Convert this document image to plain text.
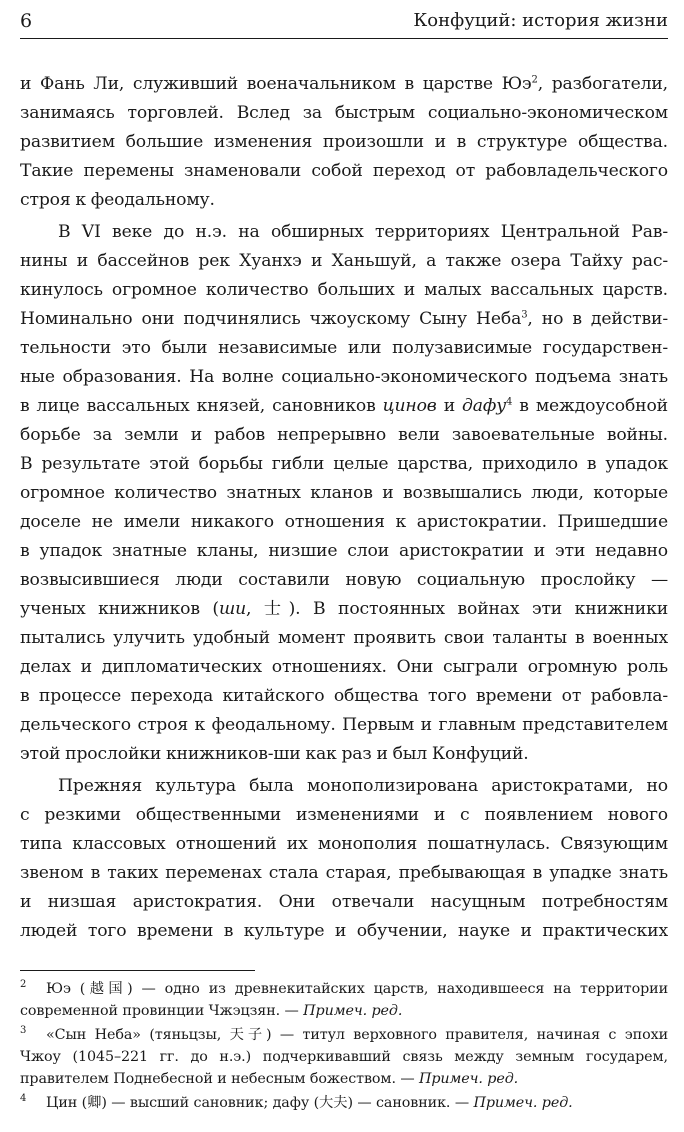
6	Конфуций: история жизни
и Фань Ли, служивший военачальником в царстве $Юэ^2$, разбогатели,
занимаясь торговлей. Вслед за быстрым социально-экономическом
развитием большие изменения произошли и в структуре общества.
Такие перемены знаменовали собой переход от рабовладельческого
строя к феодальному.
В VI веке до н.э. на обширных территориях Центральной Рав-
нины и бассейнов рек Хуанхэ и Ханьшуй, а также озера Тайху рас-
кинулось огромное количество больших и малых вассальных царств.
Номинально они подчинялись чжоускому Сыну Неба$^3$, но в действи-
тельности это были независимые или полузависимые государствен-
ные образования. На волне социально-экономического подъема знать
в лице вассальных князей, сановников цинов и дафу$^4$ в междоусобной
борьбе за земли и рабов непрерывно вели завоевательные войны.
В результате этой борьбы гибли целые царства, приходило в упадок
огромное количество знатных кланов и возвышались люди, которые
доселе не имели никакого отношения к аристократии. Пришедшие
в упадок знатные кланы, низшие слои аристократии и эти недавно
возвысившиеся люди составили новую социальную прослойку —
ученых книжников (ши, 士). В постоянных войнах эти книжники
пытались улучить удобный момент проявить свои таланты в военных
делах и дипломатических отношениях. Они сыграли огромную роль
в процессе перехода китайского общества того времени от рабовла-
дельческого строя к феодальному. Первым и главным представителем
этой прослойки книжников-ши как раз и был Конфуций.
Прежняя культура была монополизирована аристократами, но
с резкими общественными изменениями и с появлением нового
типа классовых отношений их монополия пошатнулась. Связующим
звеном в таких переменах стала старая, пребывающая в упадке знать
и низшая аристократия. Они отвечали насущным потребностям
людей того времени в культуре и обучении, науке и практических
2 Юэ (越国) — одно из древнекитайских царств, находившееся на территории
современной провинции Чжэцзян. — Примеч. ред.
3 «Сын Неба» (тяньцзы, 天子) — титул верховного правителя, начиная с эпохи
Чжоу (1045–221 гг. до н.э.) подчеркивавший связь между земным государем,
правителем Поднебесной и небесным божеством. — Примеч. ред.
4 Цин (卿) — высший сановник; дафу (大夫) — сановник. — Примеч. ред.
